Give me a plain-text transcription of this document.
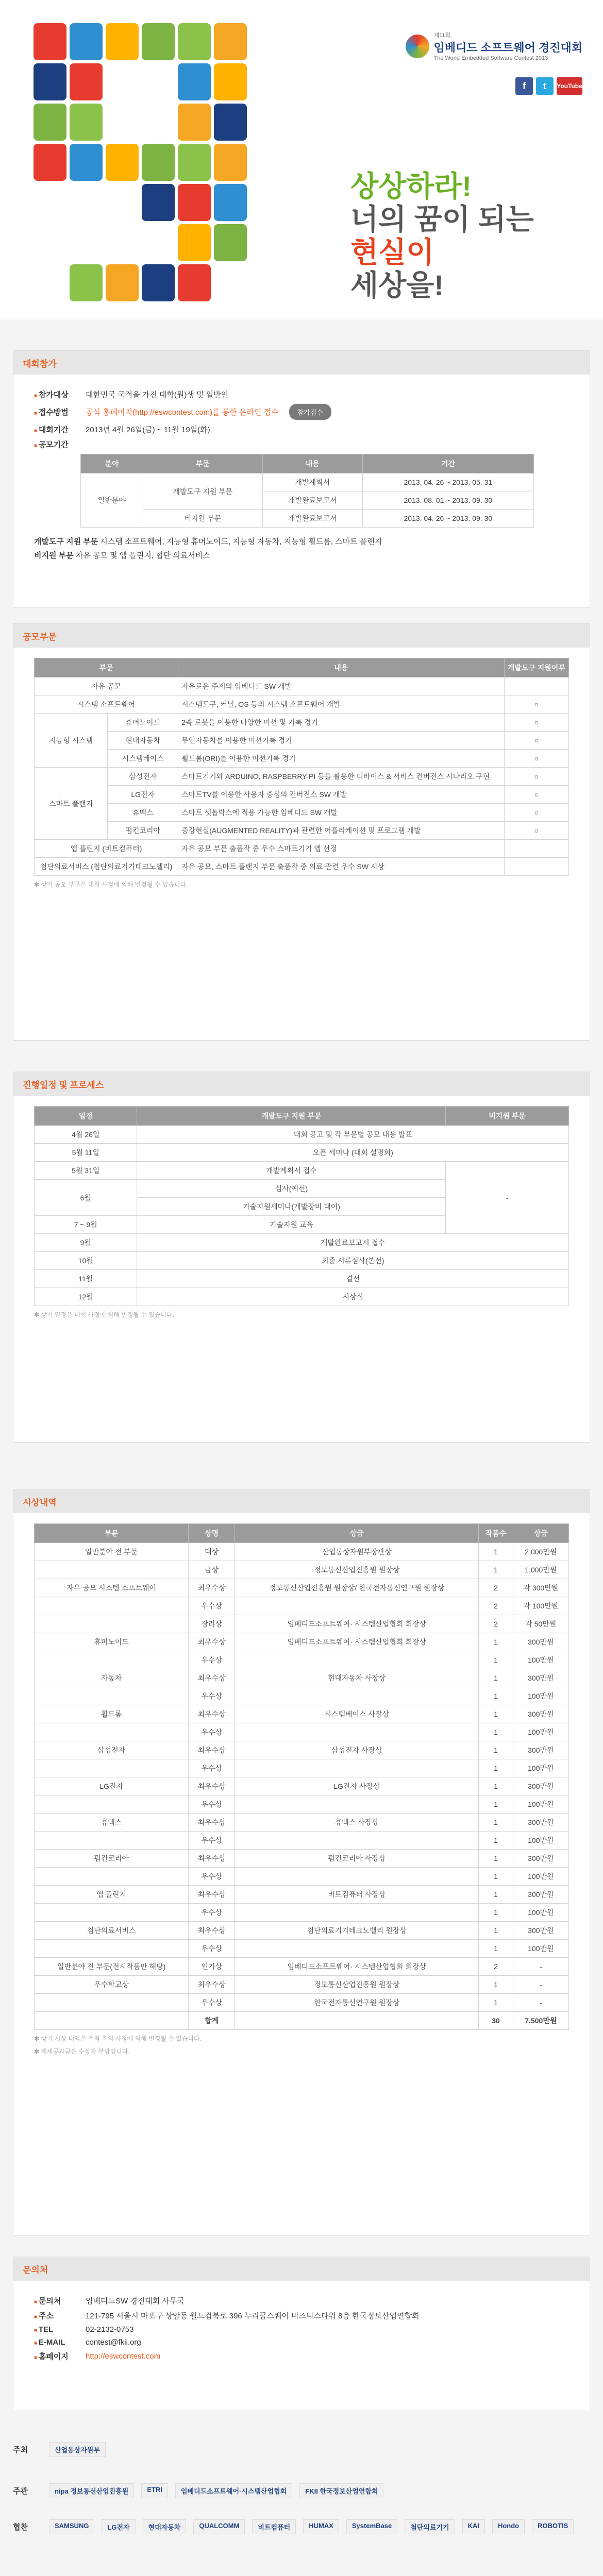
제11회
임베디드 소프트웨어 경진대회
The World Embedded Software Contest 2013
f	t	YouTube
상상하라!
너의 꿈이 되는
현실이
세상을!
대회참가
■ 참가대상	대한민국 국적을 가진 대학(원)생 및 일반인
■ 접수방법	공식 홈페이지(http://eswcontest.com)를 통한 온라인 접수	참가접수
■ 대회기간	2013년 4월 26일(금) ~ 11월 19일(화)
■ 공모기간
분야	부문	내용	기간
일반분야	개발도구 지원 부문	개발계획서	2013. 04. 26 ~ 2013. 05. 31
		개발완료보고서	2013. 08. 01 ~ 2013. 09. 30
	비지원 부문	개발완료보고서	2013. 04. 26 ~ 2013. 09. 30
개발도구 지원 부문 시스템 소프트웨어, 지능형 휴머노이드, 지능형 자동차, 지능형 휠드롬, 스마트 플랜지
비지원 부문 자유 공모 및 앱 플린지, 협단 의료서비스
공모부문
부문		내용	개발도구 지원여부
자유 공모		자유로운 주제의 임베디드 SW 개발	
시스템 소프트웨어		시스템도구, 커널, OS 등의 시스템 소프트웨어 개발	○
지능형 시스템	휴머노이드	2족 로봇을 이용한 다양한 미션 및 기록 경기	○
	현대자동차	무인자동차를 이용한 미션기록 경기	○
	시스템베이스	휠드롬(ORI)를 이용한 미션기록 경기	○
스마트 플랜지	삼성전자	스마트기기와 ARDUINO, RASPBERRY-PI 등을 활용한 디바이스 & 서비스 컨버전스 시나리오 구현	○
	LG전자	스마트TV를 이용한 사용자 중심의 컨버전스 SW 개발	○
	휴맥스	스마트 셋톱박스에 적용 가능한 임베디드 SW 개발	○
	펌킨코리아	증강현실(AUGMENTED REALITY)과 관련한 어플리케이션 및 프로그램 개발	○
앱 플린지 (비트컴퓨터)		자유 공모 부문 출품작 중 우수 스마트기기 앱 선정	
첨단의료서비스 (첨단의료기기테크노벨리)		자유 공모, 스마트 플랜지 부문 출품작 중 의료 관련 우수 SW 시상	
✽ 상기 공모 부문은 대회 사정에 의해 변경될 수 있습니다.
진행일정 및 프로세스
일정	개발도구 지원 부문	비지원 부문
4월 26일	대회 공고 및 각 부문별 공모 내용 발표	
5월 11일	오픈 세미나 (대회 설명회)	
5월 31일	개발계획서 접수	-
6월	심사(예선)	
	기술지원세미나(개발장비 대여)	
7 ~ 9월	기술지원 교육	
9월	개발완료보고서 접수	
10월	최종 서류심사(본선)	
11월	결선	
12월	시상식	
✽ 상기 일정은 대회 사정에 의해 변경될 수 있습니다.
시상내역
부문	상명	상금	작품수	상금
일반분야 전 부문	대상	산업통상자원부장관상	1	2,000만원
	금상	정보통신산업진흥원 원장상	1	1,000만원
자유 공모 시스템 소프트웨어	최우수상	정보통신산업진흥원 원장상/ 한국전자통신연구원 원장상	2	각 300만원
	우수상		2	각 100만원
	장려상	임베디드소프트웨어· 시스템산업협회 회장상	2	각 50만원
휴머노이드	최우수상	임베디드소프트웨어· 시스템산업협회 회장상	1	300만원
	우수상		1	100만원
자동차	최우수상	현대자동차 사장상	1	300만원
	우수상		1	100만원
휠드롬	최우수상	시스템베이스 사장상	1	300만원
	우수상		1	100만원
삼성전자	최우수상	삼성전자 사장상	1	300만원
	우수상		1	100만원
LG전자	최우수상	LG전자 사장상	1	300만원
	우수상		1	100만원
휴맥스	최우수상	휴맥스 사장상	1	300만원
	우수상		1	100만원
펌킨코리아	최우수상	펌킨코리아 사장상	1	300만원
	우수상		1	100만원
앱 플린지	최우수상	비트컴퓨터 사장상	1	300만원
	우수상		1	100만원
첨단의료서비스	최우수상	첨단의료기기테크노벨리 원장상	1	300만원
	우수상		1	100만원
일반분야 전 부문(전시작품만 해당)	인기상	임베디드소프트웨어· 시스템산업협회 회장상	2	-
우수학교상	최우수상	정보통신산업진흥원 원장상	1	-
	우수상	한국전자통신연구원 원장상	1	-
	합계		30	7,500만원
✽ 상기 시상 내역은 주최 측의 사정에 의해 변경될 수 있습니다.
✽ 제세공과금은 수상자 부담입니다.
문의처
■ 문의처	임베디드SW 경진대회 사무국
■ 주소	121-795 서울시 마포구 상암동 월드컵북로 396 누리꿈스퀘어 비즈니스타워 8층 한국정보산업연합회
■ TEL	02-2132-0753
■ E-MAIL	contest@fkii.org
■ 홈페이지	http://eswcontest.com
주최	산업통상자원부
주관	nipa 정보통신산업진흥원	ETRI	임베디드소프트웨어·시스템산업협회	FKII 한국정보산업연합회
협찬	SAMSUNG	LG전자	현대자동차	QUALCOMM	비트컴퓨터	HUMAX	SystemBase	첨단의료기기	KAI	Hondo	ROBOTIS
